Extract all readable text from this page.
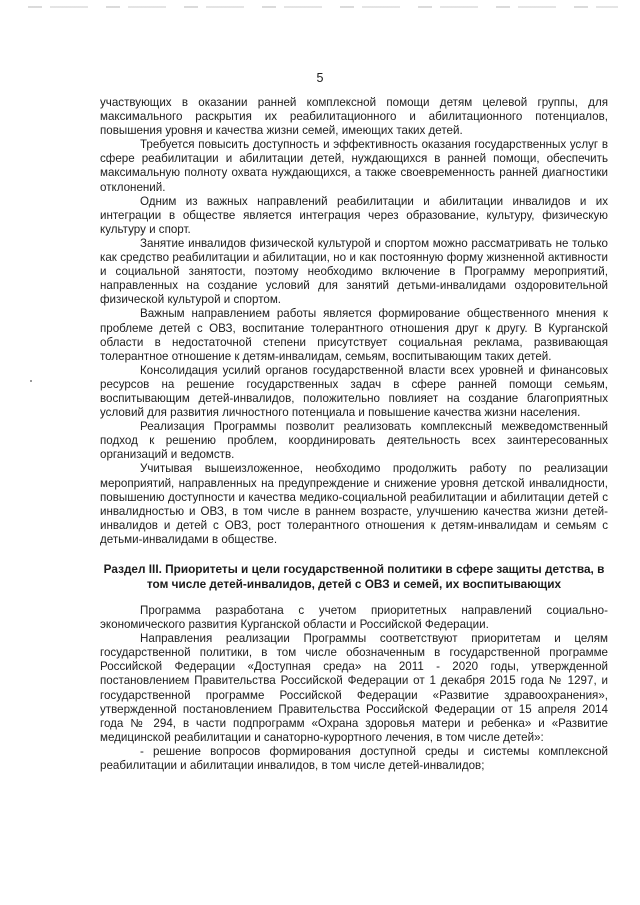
5

участвующих в оказании ранней комплексной помощи детям целевой группы, для максимального раскрытия их реабилитационного и абилитационного потенциалов, повышения уровня и качества жизни семей, имеющих таких детей.

Требуется повысить доступность и эффективность оказания государственных услуг в сфере реабилитации и абилитации детей, нуждающихся в ранней помощи, обеспечить максимальную полноту охвата нуждающихся, а также своевременность ранней диагностики отклонений.

Одним из важных направлений реабилитации и абилитации инвалидов и их интеграции в обществе является интеграция через образование, культуру, физическую культуру и спорт.

Занятие инвалидов физической культурой и спортом можно рассматривать не только как средство реабилитации и абилитации, но и как постоянную форму жизненной активности и социальной занятости, поэтому необходимо включение в Программу мероприятий, направленных на создание условий для занятий детьми-инвалидами оздоровительной физической культурой и спортом.

Важным направлением работы является формирование общественного мнения к проблеме детей с ОВЗ, воспитание толерантного отношения друг к другу. В Курганской области в недостаточной степени присутствует социальная реклама, развивающая толерантное отношение к детям-инвалидам, семьям, воспитывающим таких детей.

Консолидация усилий органов государственной власти всех уровней и финансовых ресурсов на решение государственных задач в сфере ранней помощи семьям, воспитывающим детей-инвалидов, положительно повлияет на создание благоприятных условий для развития личностного потенциала и повышение качества жизни населения.

Реализация Программы позволит реализовать комплексный межведомственный подход к решению проблем, координировать деятельность всех заинтересованных организаций и ведомств.

Учитывая вышеизложенное, необходимо продолжить работу по реализации мероприятий, направленных на предупреждение и снижение уровня детской инвалидности, повышению доступности и качества медико-социальной реабилитации и абилитации детей с инвалидностью и ОВЗ, в том числе в раннем возрасте, улучшению качества жизни детей-инвалидов и детей с ОВЗ, рост толерантного отношения к детям-инвалидам и семьям с детьми-инвалидами в обществе.

Раздел III. Приоритеты и цели государственной политики в сфере защиты детства, в том числе детей-инвалидов, детей с ОВЗ и семей, их воспитывающих

Программа разработана с учетом приоритетных направлений социально-экономического развития Курганской области и Российской Федерации.

Направления реализации Программы соответствуют приоритетам и целям государственной политики, в том числе обозначенным в государственной программе Российской Федерации «Доступная среда» на 2011 - 2020 годы, утвержденной постановлением Правительства Российской Федерации от 1 декабря 2015 года № 1297, и государственной программе Российской Федерации «Развитие здравоохранения», утвержденной постановлением Правительства Российской Федерации от 15 апреля 2014 года № 294, в части подпрограмм «Охрана здоровья матери и ребенка» и «Развитие медицинской реабилитации и санаторно-курортного лечения, в том числе детей»:

- решение вопросов формирования доступной среды и системы комплексной реабилитации и абилитации инвалидов, в том числе детей-инвалидов;
